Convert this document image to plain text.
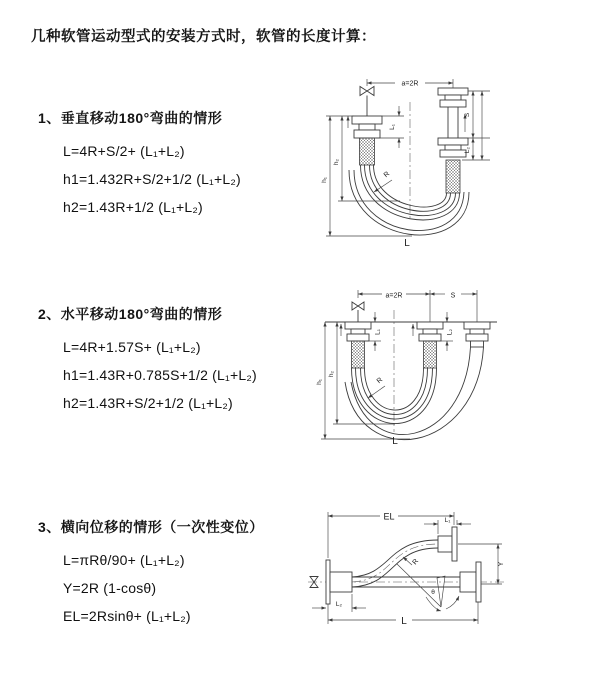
几种软管运动型式的安装方式时，软管的长度计算：
1、垂直移动180°弯曲的情形
L=4R+S/2+ (L₁+L₂)
h1=1.432R+S/2+1/2 (L₁+L₂)
h2=1.43R+1/2 (L₁+L₂)
2、水平移动180°弯曲的情形
L=4R+1.57S+ (L₁+L₂)
h1=1.43R+0.785S+1/2 (L₁+L₂)
h2=1.43R+S/2+1/2 (L₁+L₂)
3、横向位移的情形（一次性变位）
L=πRθ/90+ (L₁+L₂)
Y=2R (1-cosθ)
EL=2Rsinθ+ (L₁+L₂)
a=2R
L₁
h₁
h₂
S
L₂
R
L
a=2R	S
L₁	L₂
h₁
h₂
R
L
EL	L₁
Y
L
L₂
R
θ
